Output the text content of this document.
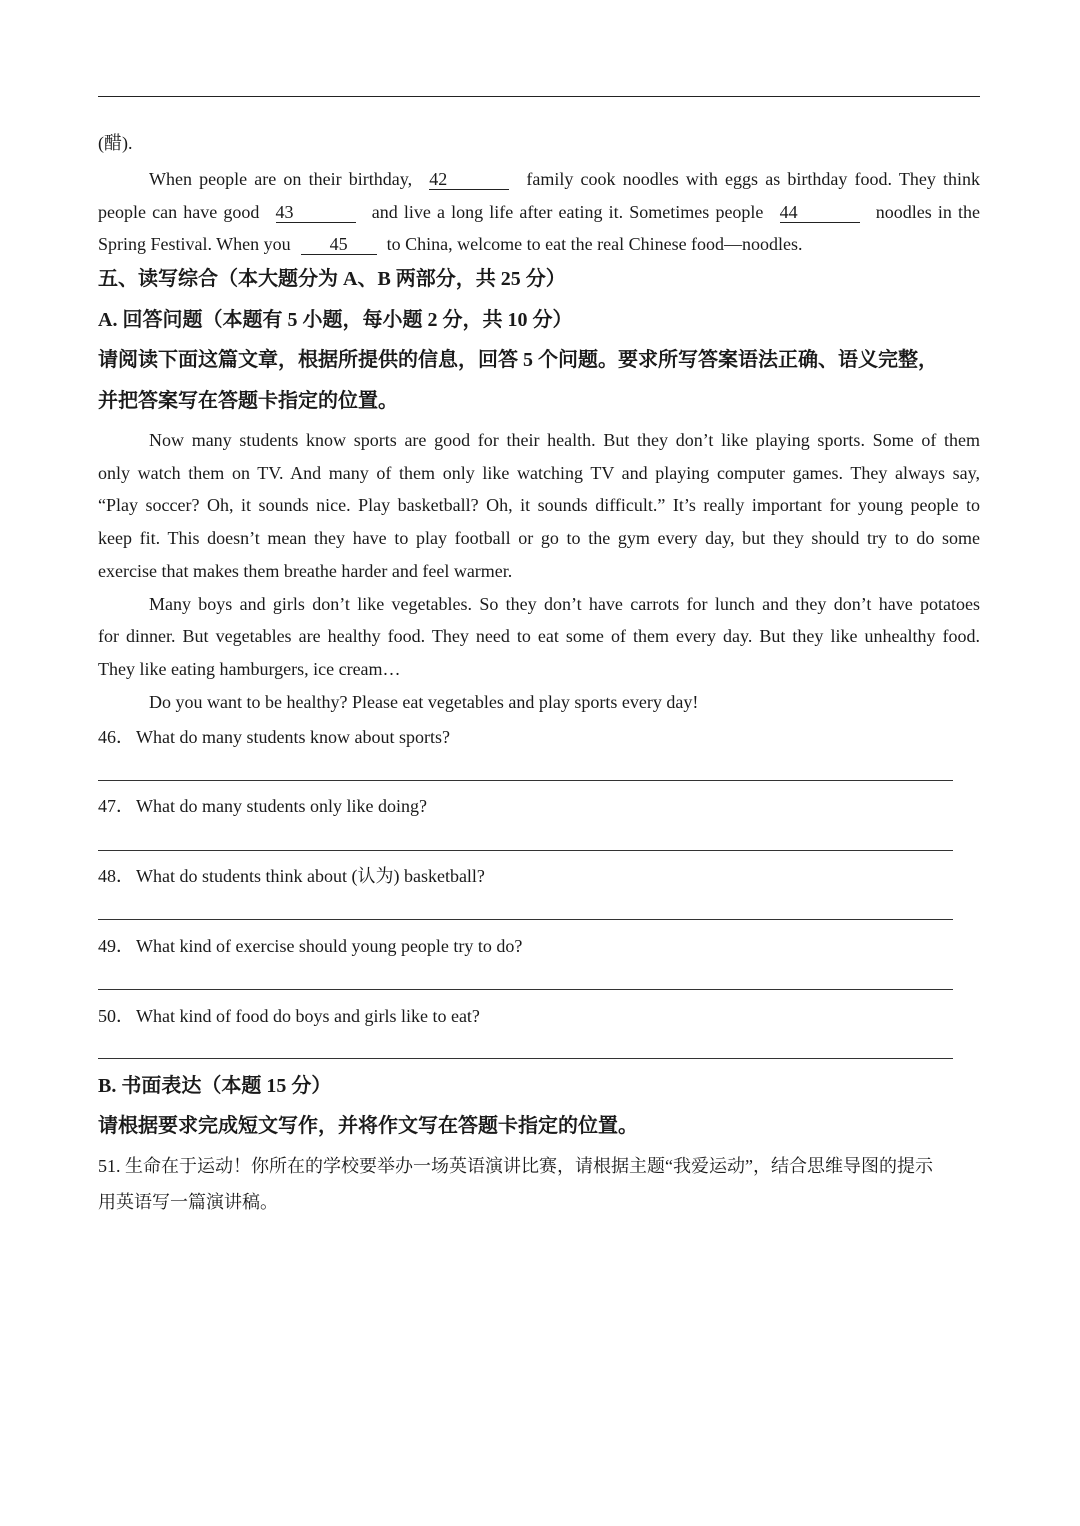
(醋).
When people are on their birthday, 42	family cook noodles with eggs as birthday food. They think
people can have good 43	and live a long life after eating it. Sometimes people 44	noodles in the
Spring Festival. When you 45 to China, welcome to eat the real Chinese food—noodles.
五、读写综合（本大题分为 A、B 两部分，共 25 分）
A. 回答问题（本题有 5 小题，每小题 2 分，共 10 分）
请阅读下面这篇文章，根据所提供的信息，回答 5 个问题。要求所写答案语法正确、语义完整，
并把答案写在答题卡指定的位置。
Now many students know sports are good for their health. But they don’t like playing sports. Some of them
only watch them on TV. And many of them only like watching TV and playing computer games. They always say,
“Play soccer? Oh, it sounds nice. Play basketball? Oh, it sounds difficult.” It’s really important for young people to
keep fit. This doesn’t mean they have to play football or go to the gym every day, but they should try to do some
exercise that makes them breathe harder and feel warmer.
Many boys and girls don’t like vegetables. So they don’t have carrots for lunch and they don’t have potatoes
for dinner. But vegetables are healthy food. They need to eat some of them every day. But they like unhealthy food.
They like eating hamburgers, ice cream…
Do you want to be healthy? Please eat vegetables and play sports every day!
46． What do many students know about sports?
47． What do many students only like doing?
48． What do students think about (认为) basketball?
49． What kind of exercise should young people try to do?
50． What kind of food do boys and girls like to eat?
B. 书面表达（本题 15 分）
请根据要求完成短文写作，并将作文写在答题卡指定的位置。
51. 生命在于运动！你所在的学校要举办一场英语演讲比赛，请根据主题“我爱运动”，结合思维导图的提示
用英语写一篇演讲稿。
